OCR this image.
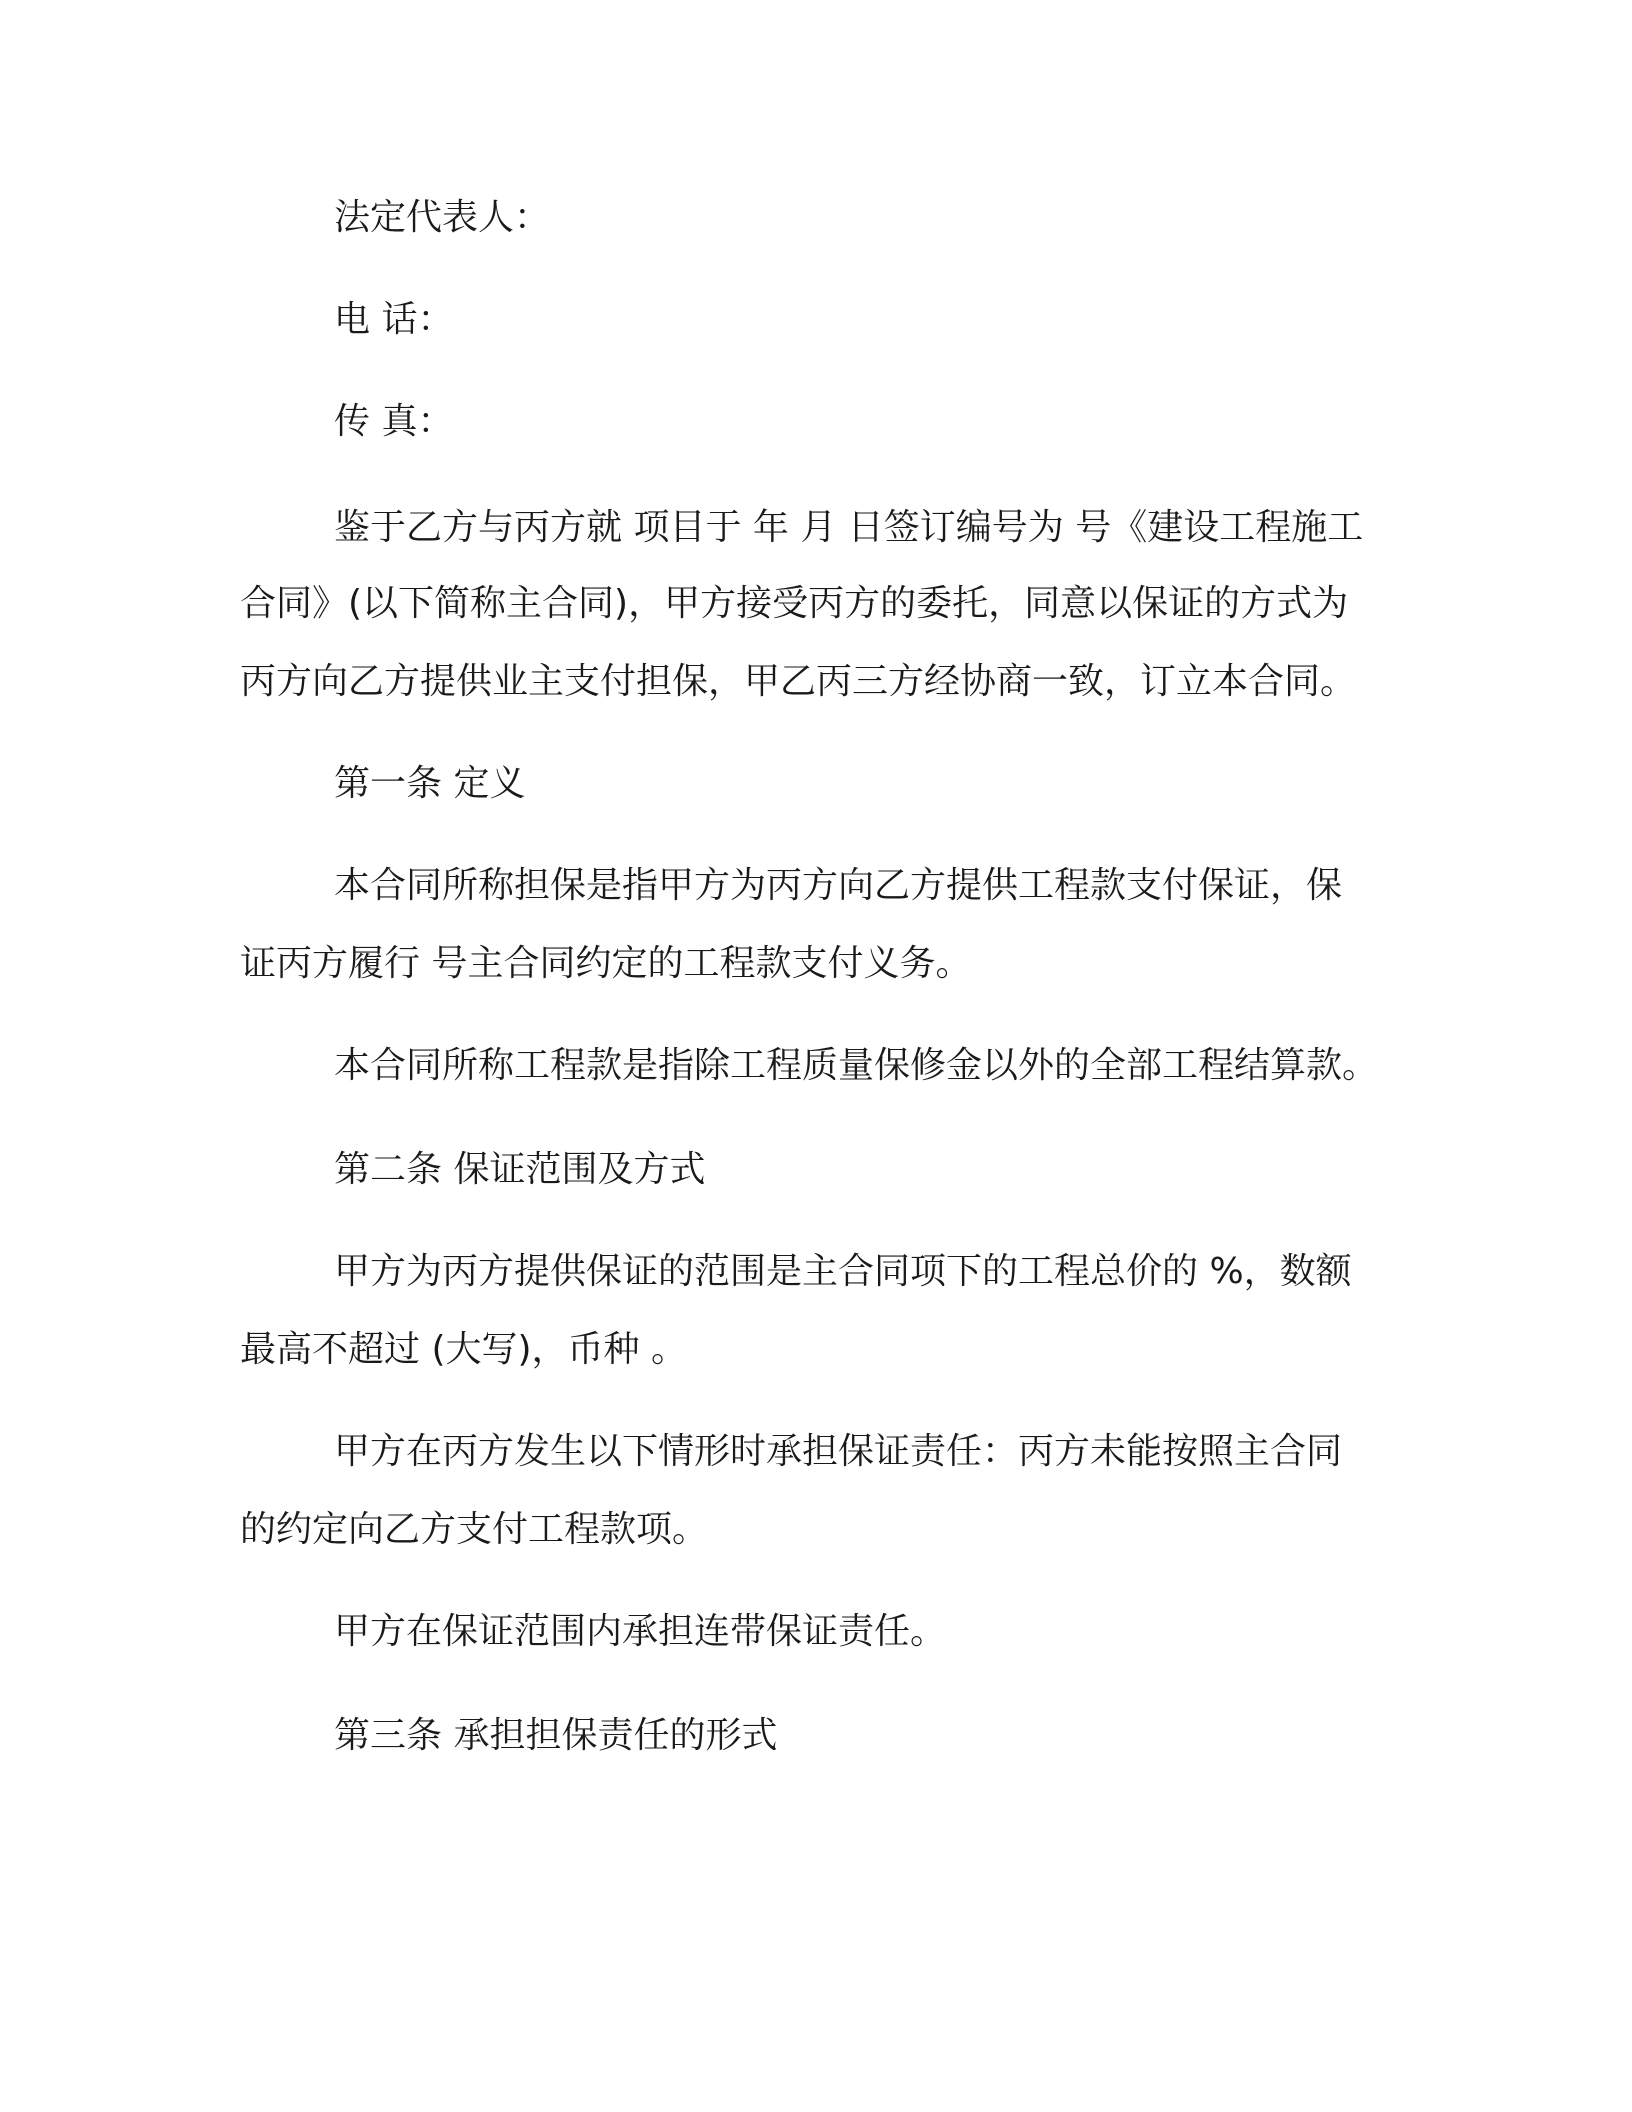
法定代表人：
电 话：
传 真：
鉴于乙方与丙方就 项目于 年 月 日签订编号为 号《建设工程施工
合同》(以下简称主合同)，甲方接受丙方的委托，同意以保证的方式为
丙方向乙方提供业主支付担保，甲乙丙三方经协商一致，订立本合同。
第一条 定义
本合同所称担保是指甲方为丙方向乙方提供工程款支付保证，保
证丙方履行 号主合同约定的工程款支付义务。
本合同所称工程款是指除工程质量保修金以外的全部工程结算款。
第二条 保证范围及方式
甲方为丙方提供保证的范围是主合同项下的工程总价的 %，数额
最高不超过 (大写)，币种 。
甲方在丙方发生以下情形时承担保证责任：丙方未能按照主合同
的约定向乙方支付工程款项。
甲方在保证范围内承担连带保证责任。
第三条 承担担保责任的形式
